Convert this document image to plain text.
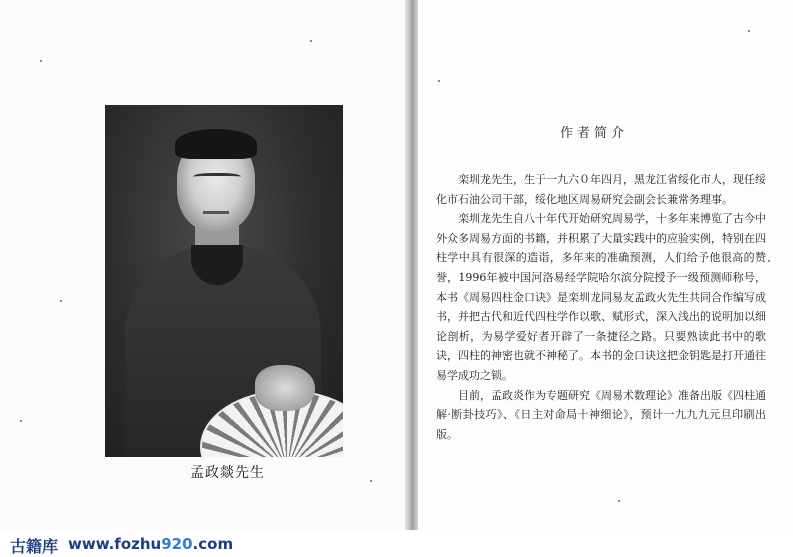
孟政燚先生
作者简介

栾圳龙先生，生于一九六０年四月，黑龙江省绥化市人，现任绥化市石油公司干部，绥化地区周易研究会副会长兼常务理事。

栾圳龙先生自八十年代开始研究周易学，十多年来博览了古今中外众多周易方面的书籍，并积累了大量实践中的应验实例，特别在四柱学中具有很深的造诣，多年来的准确预测，人们给予他很高的赞誉，1996年被中国河洛易经学院哈尔滨分院授予一级预测师称号，本书《周易四柱金口诀》是栾圳龙同易友孟政火先生共同合作编写成书，并把古代和近代四柱学作以歌、赋形式，深入浅出的说明加以细论剖析，为易学爱好者开辟了一条捷径之路。只要熟读此书中的歌诀，四柱的神密也就不神秘了。本书的金口诀这把金钥匙是打开通往易学成功之锁。

目前，孟政炎作为专题研究《周易术数理论》准备出版《四柱通解·断卦技巧》、《日主对命局十神细论》，预计一九九九元旦印刷出版。

古籍库 www.fozhu920.com
